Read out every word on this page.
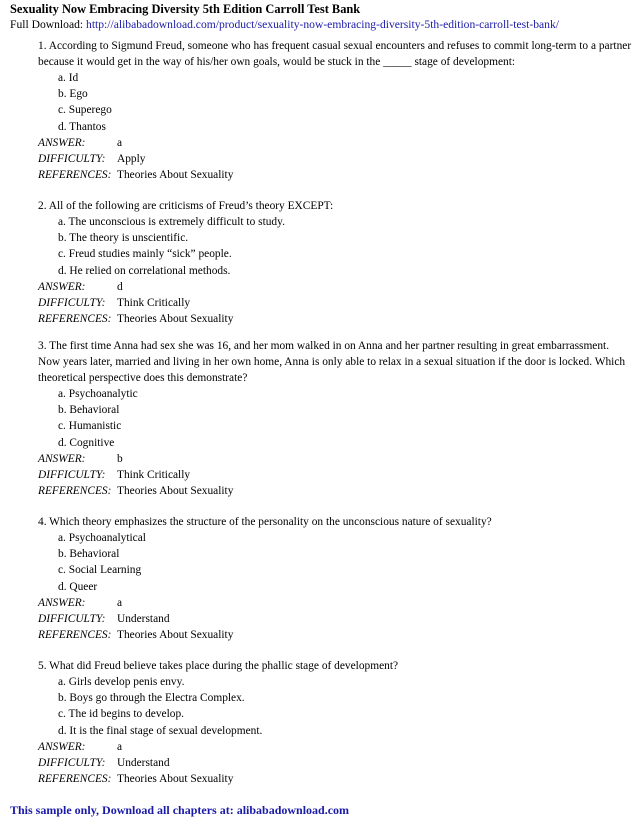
Sexuality Now Embracing Diversity 5th Edition Carroll Test Bank

Full Download: http://alibabadownload.com/product/sexuality-now-embracing-diversity-5th-edition-carroll-test-bank/

1. According to Sigmund Freud, someone who has frequent casual sexual encounters and refuses to commit long-term to a partner because it would get in the way of his/her own goals, would be stuck in the _____ stage of development:

a. Id

b. Ego

c. Superego

d. Thantos

ANSWER:	a
DIFFICULTY:	Apply
REFERENCES: Theories About Sexuality

2. All of the following are criticisms of Freud’s theory EXCEPT:

a. The unconscious is extremely difficult to study.

b. The theory is unscientific.

c. Freud studies mainly “sick” people.

d. He relied on correlational methods.

ANSWER:	d
DIFFICULTY:	Think Critically
REFERENCES: Theories About Sexuality

3. The first time Anna had sex she was 16, and her mom walked in on Anna and her partner resulting in great embarrassment. Now years later, married and living in her own home, Anna is only able to relax in a sexual situation if the door is locked. Which theoretical perspective does this demonstrate?

a. Psychoanalytic

b. Behavioral

c. Humanistic

d. Cognitive

ANSWER:	b
DIFFICULTY:	Think Critically
REFERENCES: Theories About Sexuality

4. Which theory emphasizes the structure of the personality on the unconscious nature of sexuality?

a. Psychoanalytical

b. Behavioral

c. Social Learning

d. Queer

ANSWER:	a
DIFFICULTY:	Understand
REFERENCES: Theories About Sexuality

5. What did Freud believe takes place during the phallic stage of development?

a. Girls develop penis envy.

b. Boys go through the Electra Complex.

c. The id begins to develop.

d. It is the final stage of sexual development.

ANSWER:	a
DIFFICULTY:	Understand
REFERENCES: Theories About Sexuality
This sample only, Download all chapters at: alibabadownload.com
